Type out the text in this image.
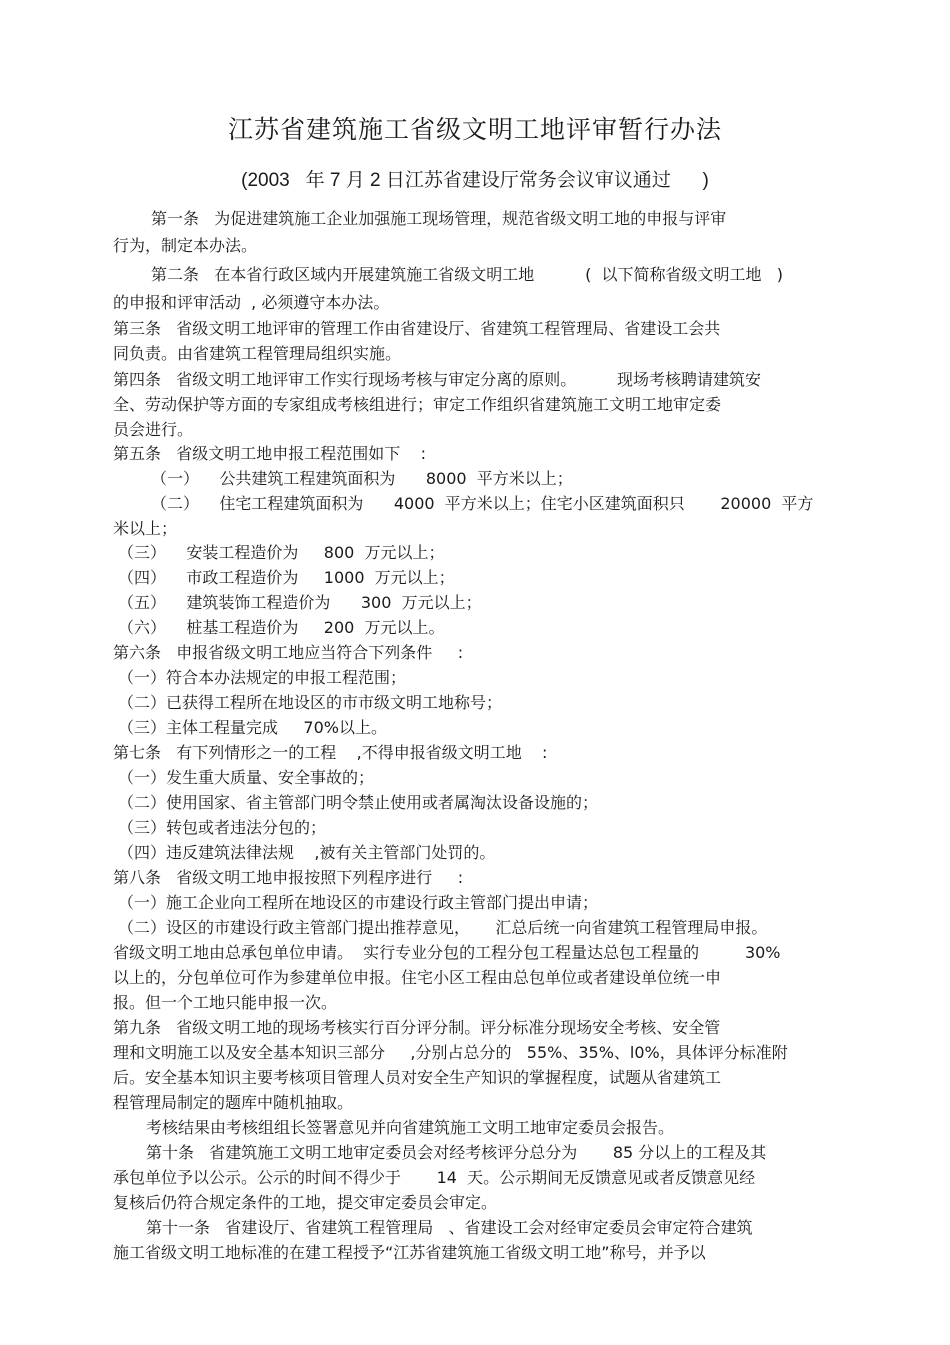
江苏省建筑施工省级文明工地评审暂行办法
(2003   年 7 月 2 日江苏省建设厅常务会议审议通过      )
第一条   为促进建筑施工企业加强施工现场管理，规范省级文明工地的申报与评审
行为，制定本办法。
第二条   在本省行政区域内开展建筑施工省级文明工地          (  以下简称省级文明工地   )
的申报和评审活动  , 必须遵守本办法。
第三条   省级文明工地评审的管理工作由省建设厅、省建筑工程管理局、省建设工会共
同负责。由省建筑工程管理局组织实施。
第四条   省级文明工地评审工作实行现场考核与审定分离的原则。        现场考核聘请建筑安
全、劳动保护等方面的专家组成考核组进行；审定工作组织省建筑施工文明工地审定委
员会进行。
第五条   省级文明工地申报工程范围如下    :
（一）    公共建筑工程建筑面积为      8000  平方米以上；
（二）    住宅工程建筑面积为      4000  平方米以上；住宅小区建筑面积只       20000  平方
米以上；
（三）    安装工程造价为     800  万元以上；
（四）    市政工程造价为     1000  万元以上；
（五）    建筑装饰工程造价为      300  万元以上；
（六）    桩基工程造价为     200  万元以上。
第六条   申报省级文明工地应当符合下列条件     :
（一）符合本办法规定的申报工程范围；
（二）已获得工程所在地设区的市市级文明工地称号；
（三）主体工程量完成     70%以上。
第七条   有下列情形之一的工程    ,不得申报省级文明工地    :
（一）发生重大质量、安全事故的；
（二）使用国家、省主管部门明令禁止使用或者属淘汰设备设施的；
（三）转包或者违法分包的；
（四）违反建筑法律法规    ,被有关主管部门处罚的。
第八条   省级文明工地申报按照下列程序进行     :
（一）施工企业向工程所在地设区的市建设行政主管部门提出申请；
（二）设区的市建设行政主管部门提出推荐意见，     汇总后统一向省建筑工程管理局申报。
省级文明工地由总承包单位申请。  实行专业分包的工程分包工程量达总包工程量的         30%
以上的，分包单位可作为参建单位申报。住宅小区工程由总包单位或者建设单位统一申
报。但一个工地只能申报一次。
第九条   省级文明工地的现场考核实行百分评分制。评分标准分现场安全考核、安全管
理和文明施工以及安全基本知识三部分     ,分别占总分的   55%、35%、l0%，具体评分标准附
后。安全基本知识主要考核项目管理人员对安全生产知识的掌握程度，试题从省建筑工
程管理局制定的题库中随机抽取。
考核结果由考核组组长签署意见并向省建筑施工文明工地审定委员会报告。
第十条   省建筑施工文明工地审定委员会对经考核评分总分为       85 分以上的工程及其
承包单位予以公示。公示的时间不得少于       14  天。公示期间无反馈意见或者反馈意见经
复核后仍符合规定条件的工地，提交审定委员会审定。
第十一条   省建设厅、省建筑工程管理局   、省建设工会对经审定委员会审定符合建筑
施工省级文明工地标准的在建工程授予“江苏省建筑施工省级文明工地”称号，并予以
